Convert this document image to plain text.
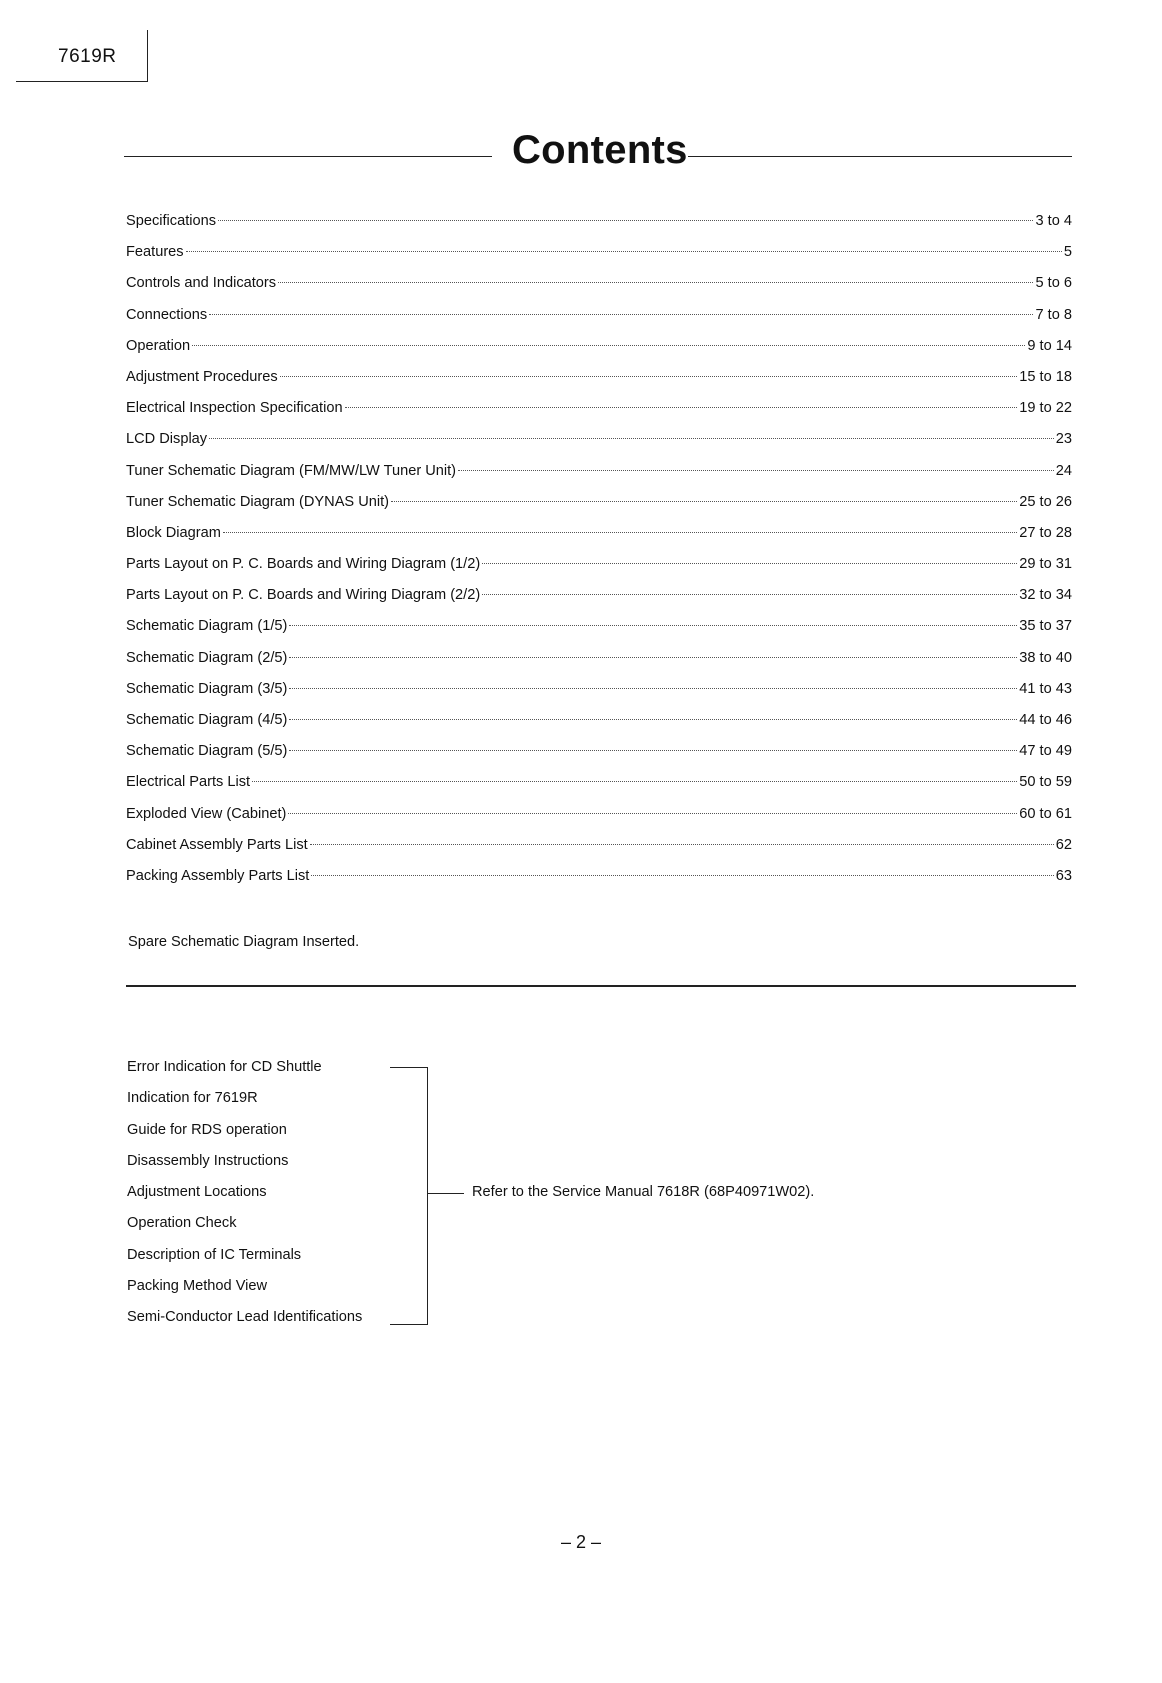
7619R
Contents
Specifications	3 to 4
Features	5
Controls and Indicators	5 to 6
Connections	7 to 8
Operation	9 to 14
Adjustment Procedures	15 to 18
Electrical Inspection Specification	19 to 22
LCD Display	23
Tuner Schematic Diagram (FM/MW/LW Tuner Unit)	24
Tuner Schematic Diagram (DYNAS Unit)	25 to 26
Block Diagram	27 to 28
Parts Layout on P. C. Boards and Wiring Diagram (1/2)	29 to 31
Parts Layout on P. C. Boards and Wiring Diagram (2/2)	32 to 34
Schematic Diagram (1/5)	35 to 37
Schematic Diagram (2/5)	38 to 40
Schematic Diagram (3/5)	41 to 43
Schematic Diagram (4/5)	44 to 46
Schematic Diagram (5/5)	47 to 49
Electrical Parts List	50 to 59
Exploded View (Cabinet)	60 to 61
Cabinet Assembly Parts List	62
Packing Assembly Parts List	63
Spare Schematic Diagram Inserted.
Error Indication for CD Shuttle
Indication for 7619R
Guide for RDS operation
Disassembly Instructions
Adjustment Locations
Operation Check
Description of IC Terminals
Packing Method View
Semi-Conductor Lead Identifications
Refer to the Service Manual 7618R (68P40971W02).
– 2 –
